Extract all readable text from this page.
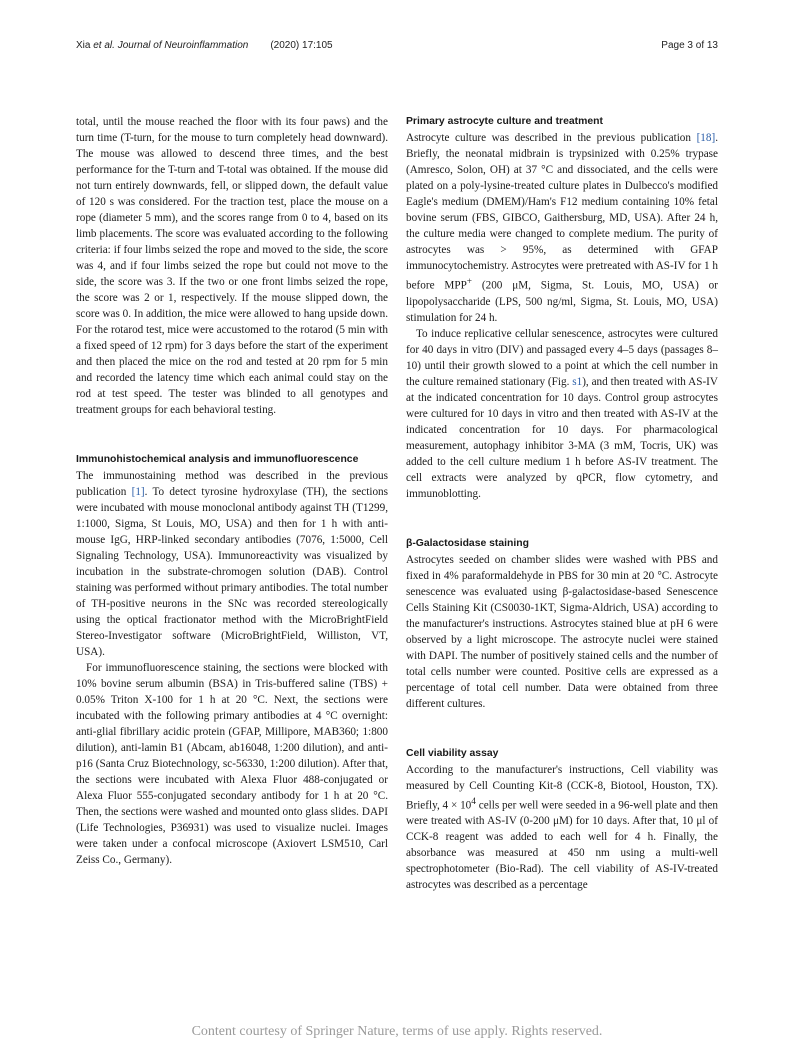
Xia et al. Journal of Neuroinflammation (2020) 17:105	Page 3 of 13

total, until the mouse reached the floor with its four paws) and the turn time (T-turn, for the mouse to turn completely head downward). The mouse was allowed to descend three times, and the best performance for the T-turn and T-total was obtained. If the mouse did not turn entirely downwards, fell, or slipped down, the default value of 120 s was considered. For the traction test, place the mouse on a rope (diameter 5 mm), and the scores range from 0 to 4, based on its limb placements. The score was evaluated according to the following criteria: if four limbs seized the rope and moved to the side, the score was 4, and if four limbs seized the rope but could not move to the side, the score was 3. If the two or one front limbs seized the rope, the score was 2 or 1, respectively. If the mouse slipped down, the score was 0. In addition, the mice were allowed to hang upside down. For the rotarod test, mice were accustomed to the rotarod (5 min with a fixed speed of 12 rpm) for 3 days before the start of the experiment and then placed the mice on the rod and tested at 20 rpm for 5 min and recorded the latency time which each animal could stay on the rod at test speed. The tester was blinded to all genotypes and treatment groups for each behavioral testing.

Immunohistochemical analysis and immunofluorescence

The immunostaining method was described in the previous publication [1]. To detect tyrosine hydroxylase (TH), the sections were incubated with mouse monoclonal antibody against TH (T1299, 1:1000, Sigma, St Louis, MO, USA) and then for 1 h with anti-mouse IgG, HRP-linked secondary antibodies (7076, 1:5000, Cell Signaling Technology, USA). Immunoreactivity was visualized by incubation in the substrate-chromogen solution (DAB). Control staining was performed without primary antibodies. The total number of TH-positive neurons in the SNc was recorded stereologically using the optical fractionator method with the MicroBrightField Stereo-Investigator software (MicroBrightField, Williston, VT, USA).

For immunofluorescence staining, the sections were blocked with 10% bovine serum albumin (BSA) in Tris-buffered saline (TBS) + 0.05% Triton X-100 for 1 h at 20 °C. Next, the sections were incubated with the following primary antibodies at 4 °C overnight: anti-glial fibrillary acidic protein (GFAP, Millipore, MAB360; 1:800 dilution), anti-lamin B1 (Abcam, ab16048, 1:200 dilution), and anti-p16 (Santa Cruz Biotechnology, sc-56330, 1:200 dilution). After that, the sections were incubated with Alexa Fluor 488-conjugated or Alexa Fluor 555-conjugated secondary antibody for 1 h at 20 °C. Then, the sections were washed and mounted onto glass slides. DAPI (Life Technologies, P36931) was used to visualize nuclei. Images were taken under a confocal microscope (Axiovert LSM510, Carl Zeiss Co., Germany).

Primary astrocyte culture and treatment

Astrocyte culture was described in the previous publication [18]. Briefly, the neonatal midbrain is trypsinized with 0.25% trypase (Amresco, Solon, OH) at 37 °C and dissociated, and the cells were plated on a poly-lysine-treated culture plates in Dulbecco's modified Eagle's medium (DMEM)/Ham's F12 medium containing 10% fetal bovine serum (FBS, GIBCO, Gaithersburg, MD, USA). After 24 h, the culture media were changed to complete medium. The purity of astrocytes was > 95%, as determined with GFAP immunocytochemistry. Astrocytes were pretreated with AS-IV for 1 h before MPP+ (200 μM, Sigma, St. Louis, MO, USA) or lipopolysaccharide (LPS, 500 ng/ml, Sigma, St. Louis, MO, USA) stimulation for 24 h.

To induce replicative cellular senescence, astrocytes were cultured for 40 days in vitro (DIV) and passaged every 4–5 days (passages 8–10) until their growth slowed to a point at which the cell number in the culture remained stationary (Fig. s1), and then treated with AS-IV at the indicated concentration for 10 days. Control group astrocytes were cultured for 10 days in vitro and then treated with AS-IV at the indicated concentration for 10 days. For pharmacological measurement, autophagy inhibitor 3-MA (3 mM, Tocris, UK) was added to the cell culture medium 1 h before AS-IV treatment. The cell extracts were analyzed by qPCR, flow cytometry, and immunoblotting.

β-Galactosidase staining

Astrocytes seeded on chamber slides were washed with PBS and fixed in 4% paraformaldehyde in PBS for 30 min at 20 °C. Astrocyte senescence was evaluated using β-galactosidase-based Senescence Cells Staining Kit (CS0030-1KT, Sigma-Aldrich, USA) according to the manufacturer's instructions. Astrocytes stained blue at pH 6 were observed by a light microscope. The astrocyte nuclei were stained with DAPI. The number of positively stained cells and the number of total cells number were counted. Positive cells are expressed as a percentage of total cell number. Data were obtained from three different cultures.

Cell viability assay

According to the manufacturer's instructions, Cell viability was measured by Cell Counting Kit-8 (CCK-8, Biotool, Houston, TX). Briefly, $4 \times 10^4$ cells per well were seeded in a 96-well plate and then were treated with AS-IV (0-200 μM) for 10 days. After that, 10 μl of CCK-8 reagent was added to each well for 4 h. Finally, the absorbance was measured at 450 nm using a multi-well spectrophotometer (Bio-Rad). The cell viability of AS-IV-treated astrocytes was described as a percentage

Content courtesy of Springer Nature, terms of use apply. Rights reserved.
